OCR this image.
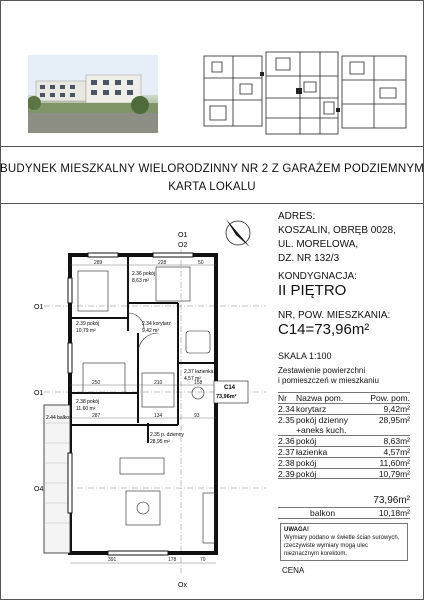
BUDYNEK MIESZKALNY WIELORODZINNY NR 2 Z GARAŻEM PODZIEMNYM
KARTA LOKALU
O1
O2
O1
O1
O4
Ox
2.44 balkon
2.36 pokój
8,63 m²
2.39 pokój
10,79 m²
2.34 korytarz
9,42 m²
2.37 łazienka
4,57 m²
2.38 pokój
11,60 m²
2.35 p. dzienny
28,95 m²
289	228	50
250	210	158
287	134	93
391	178	70
C14
73,96m²
ADRES:
KOSZALIN, OBRĘB 0028,
UL. MORELOWA,
DZ. NR 132/3
KONDYGNACJA:
II PIĘTRO
NR, POW. MIESZKANIA:
C14=73,96m²
SKALA 1:100
Zestawienie powierzchni
i pomieszczeń w mieszkaniu
Nr	Nazwa pom.	Pow. pom.
2.34 korytarz	9,42m²
2.35 pokój dzienny	28,95m²
+aneks kuch.
2.36 pokój	8,63m²
2.37 łazienka	4,57m²
2.38 pokój	11,60m²
2.39 pokój	10,79m²
73,96m²
balkon	10,18m²
UWAGA!
Wymiary podano w świetle ścian surowych, rzeczywiste wymiary mogą ulec nieznacznym korektom.
CENA
